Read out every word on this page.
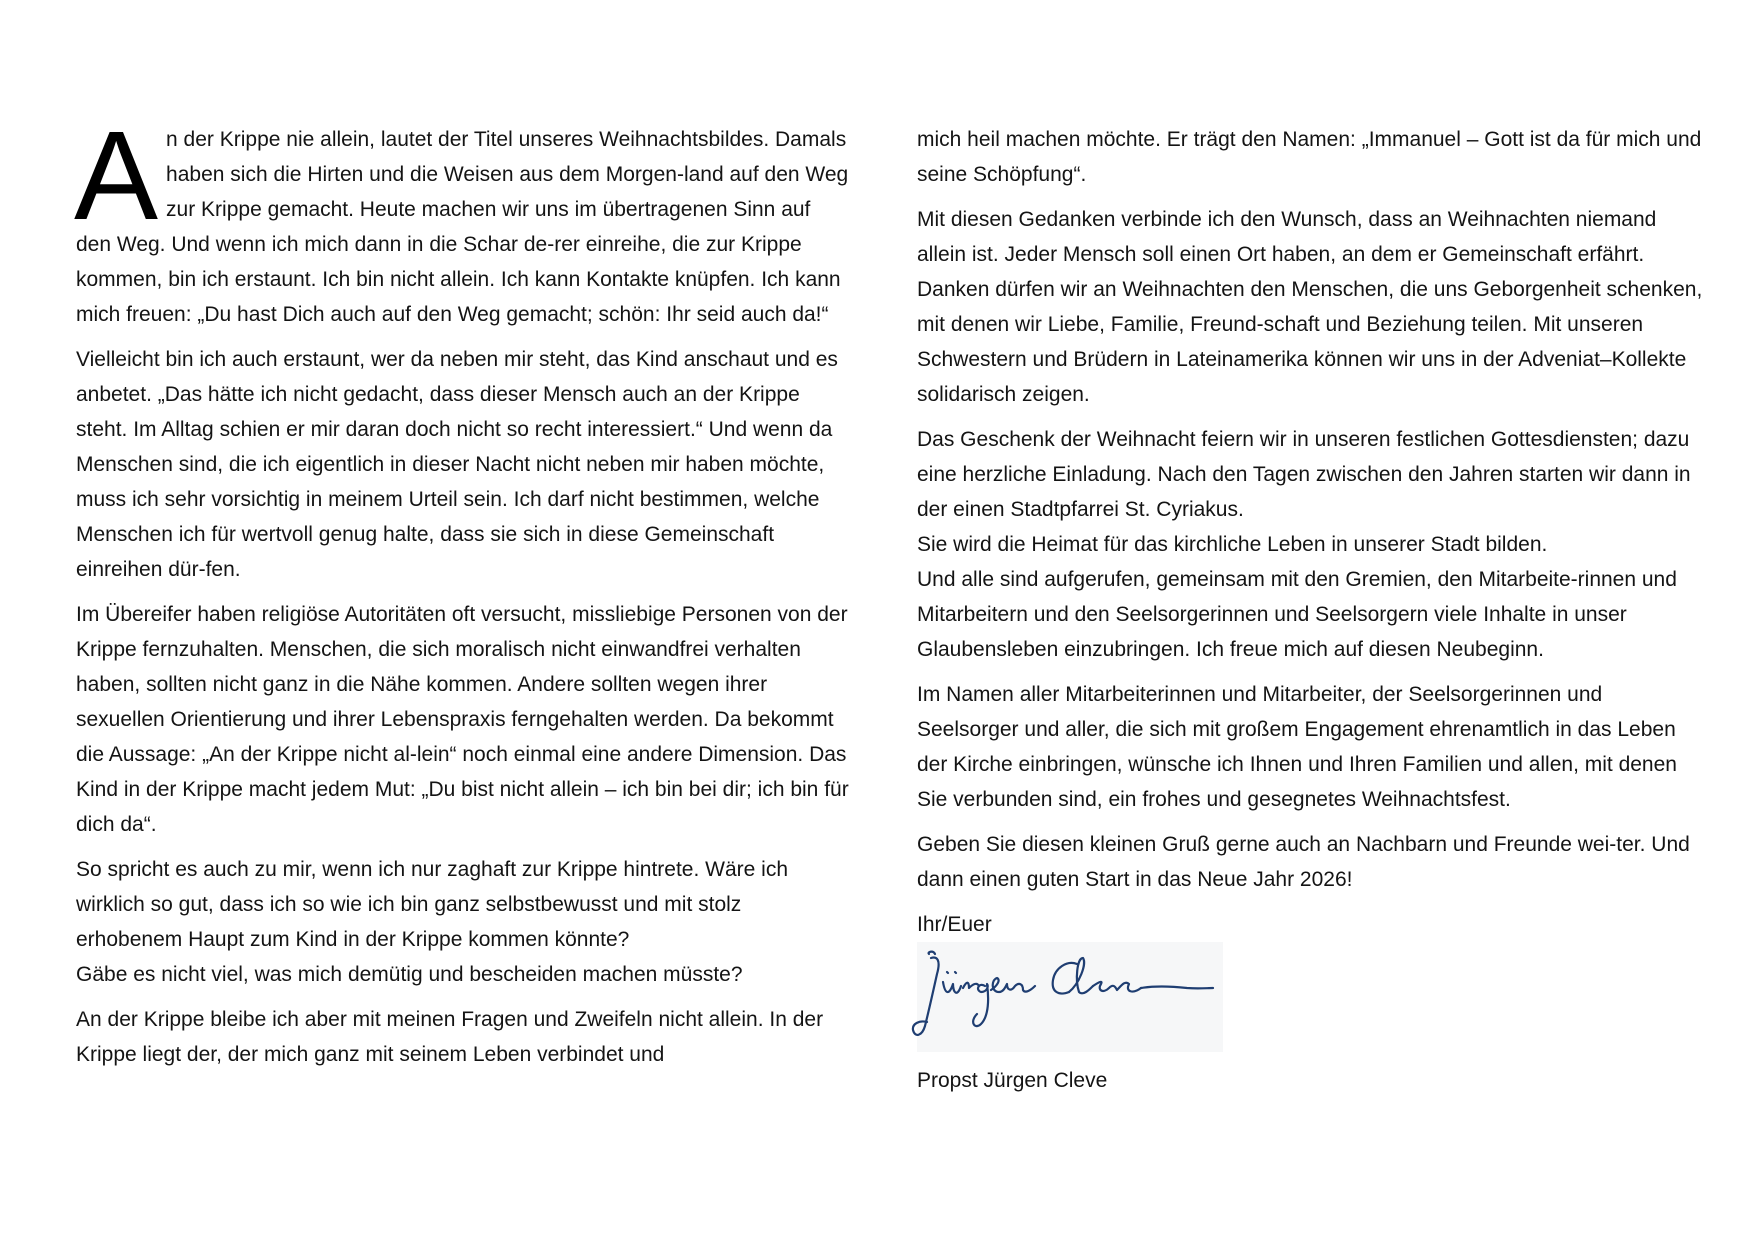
An der Krippe nie allein, lautet der Titel unseres Weihnachtsbildes. Damals haben sich die Hirten und die Weisen aus dem Morgen-land auf den Weg zur Krippe gemacht. Heute machen wir uns im übertragenen Sinn auf den Weg. Und wenn ich mich dann in die Schar de-rer einreihe, die zur Krippe kommen, bin ich erstaunt. Ich bin nicht allein. Ich kann Kontakte knüpfen. Ich kann mich freuen: „Du hast Dich auch auf den Weg gemacht; schön: Ihr seid auch da!“

Vielleicht bin ich auch erstaunt, wer da neben mir steht, das Kind anschaut und es anbetet. „Das hätte ich nicht gedacht, dass dieser Mensch auch an der Krippe steht. Im Alltag schien er mir daran doch nicht so recht interessiert.“ Und wenn da Menschen sind, die ich eigentlich in dieser Nacht nicht neben mir haben möchte, muss ich sehr vorsichtig in meinem Urteil sein. Ich darf nicht bestimmen, welche Menschen ich für wertvoll genug halte, dass sie sich in diese Gemeinschaft einreihen dür-fen.

Im Übereifer haben religiöse Autoritäten oft versucht, missliebige Personen von der Krippe fernzuhalten. Menschen, die sich moralisch nicht einwandfrei verhalten haben, sollten nicht ganz in die Nähe kommen. Andere sollten wegen ihrer sexuellen Orientierung und ihrer Lebenspraxis ferngehalten werden. Da bekommt die Aussage: „An der Krippe nicht al-lein“ noch einmal eine andere Dimension. Das Kind in der Krippe macht jedem Mut: „Du bist nicht allein – ich bin bei dir; ich bin für dich da“.

So spricht es auch zu mir, wenn ich nur zaghaft zur Krippe hintrete. Wäre ich wirklich so gut, dass ich so wie ich bin ganz selbstbewusst und mit stolz erhobenem Haupt zum Kind in der Krippe kommen könnte?
Gäbe es nicht viel, was mich demütig und bescheiden machen müsste?

An der Krippe bleibe ich aber mit meinen Fragen und Zweifeln nicht allein. In der Krippe liegt der, der mich ganz mit seinem Leben verbindet und

mich heil machen möchte. Er trägt den Namen: „Immanuel – Gott ist da für mich und seine Schöpfung“.

Mit diesen Gedanken verbinde ich den Wunsch, dass an Weihnachten niemand allein ist. Jeder Mensch soll einen Ort haben, an dem er Gemeinschaft erfährt. Danken dürfen wir an Weihnachten den Menschen, die uns Geborgenheit schenken, mit denen wir Liebe, Familie, Freund-schaft und Beziehung teilen. Mit unseren Schwestern und Brüdern in Lateinamerika können wir uns in der Adveniat–Kollekte solidarisch zeigen.

Das Geschenk der Weihnacht feiern wir in unseren festlichen Gottesdiensten; dazu eine herzliche Einladung. Nach den Tagen zwischen den Jahren starten wir dann in der einen Stadtpfarrei St. Cyriakus.
Sie wird die Heimat für das kirchliche Leben in unserer Stadt bilden.
Und alle sind aufgerufen, gemeinsam mit den Gremien, den Mitarbeite-rinnen und Mitarbeitern und den Seelsorgerinnen und Seelsorgern viele Inhalte in unser Glaubensleben einzubringen. Ich freue mich auf diesen Neubeginn.

Im Namen aller Mitarbeiterinnen und Mitarbeiter, der Seelsorgerinnen und Seelsorger und aller, die sich mit großem Engagement ehrenamtlich in das Leben der Kirche einbringen, wünsche ich Ihnen und Ihren Familien und allen, mit denen Sie verbunden sind, ein frohes und gesegnetes Weihnachtsfest.

Geben Sie diesen kleinen Gruß gerne auch an Nachbarn und Freunde wei-ter. Und dann einen guten Start in das Neue Jahr 2026!

Ihr/Euer
Propst Jürgen Cleve
